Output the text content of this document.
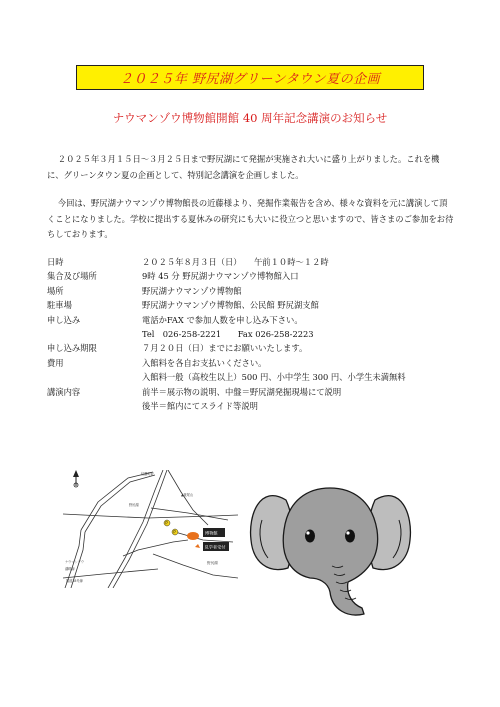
２０２５年 野尻湖グリーンタウン夏の企画
ナウマンゾウ博物館開館 40 周年記念講演のお知らせ

２０２５年３月１５日～３月２５日まで野尻湖にて発掘が実施され大いに盛り上がりました。これを機に、グリーンタウン夏の企画として、特別記念講演を企画しました。

今回は、野尻湖ナウマンゾウ博物館長の近藤様より、発掘作業報告を含め、様々な資料を元に講演して頂くことになりました。学校に提出する夏休みの研究にも大いに役立つと思いますので、皆さまのご参加をお待ちしております。

日時	２０２５年８月３日（日）　　午前１０時～１２時
集合及び場所	9時 45 分 野尻湖ナウマンゾウ博物館入口
場所	野尻湖ナウマンゾウ博物館
駐車場	野尻湖ナウマンゾウ博物館、公民館 野尻湖支館
申し込み	電話かFAX で参加人数を申し込み下さい。
Tel　026-258-2221　　Fax 026-258-2223
申し込み期限	７月２０日（日）までにお願いいたします。
費用	入館料を各自お支払いください。
入館料一般（高校生以上）500 円、小中学生 300 円、小学生未満無料
講演内容	前半＝展示物の説明、中盤＝野尻湖発掘現場にて説明
後半＝館内にてスライド等説明
信濃町駅
野尻湖
▲斑尾山
ナウマンゾウ
湖畔線
国道18号線
P
P	博物館
見学者受付
野尻湖
